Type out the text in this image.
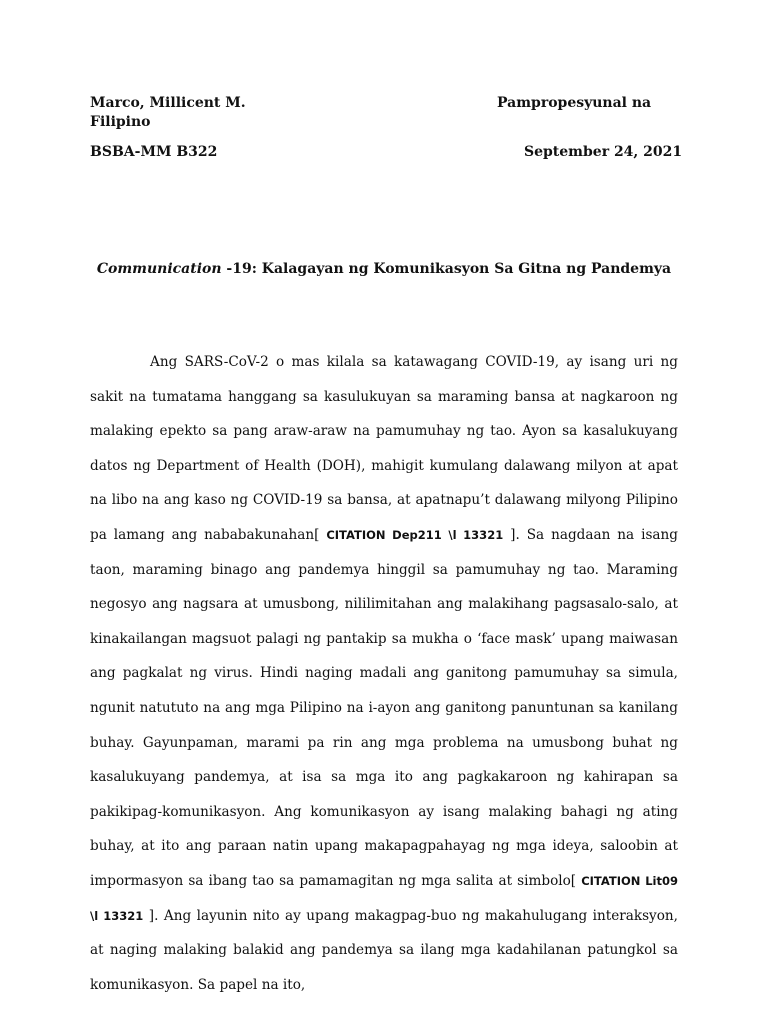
Marco, Millicent M.	Pampropesyunal na
Filipino
BSBA-MM B322	September 24, 2021
Communication -19: Kalagayan ng Komunikasyon Sa Gitna ng Pandemya

Ang SARS-CoV-2 o mas kilala sa katawagang COVID-19, ay isang uri ng sakit na tumatama hanggang sa kasulukuyan sa maraming bansa at nagkaroon ng malaking epekto sa pang araw-araw na pamumuhay ng tao. Ayon sa kasalukuyang datos ng Department of Health (DOH), mahigit kumulang dalawang milyon at apat na libo na ang kaso ng COVID-19 sa bansa, at apatnapu’t dalawang milyong Pilipino pa lamang ang nababakunahan[ CITATION Dep211 \l 13321 ]. Sa nagdaan na isang taon, maraming binago ang pandemya hinggil sa pamumuhay ng tao. Maraming negosyo ang nagsara at umusbong, nililimitahan ang malakihang pagsasalo-salo, at kinakailangan magsuot palagi ng pantakip sa mukha o ‘face mask’ upang maiwasan ang pagkalat ng virus. Hindi naging madali ang ganitong pamumuhay sa simula, ngunit natututo na ang mga Pilipino na i-ayon ang ganitong panuntunan sa kanilang buhay. Gayunpaman, marami pa rin ang mga problema na umusbong buhat ng kasalukuyang pandemya, at isa sa mga ito ang pagkakaroon ng kahirapan sa pakikipag-komunikasyon. Ang komunikasyon ay isang malaking bahagi ng ating buhay, at ito ang paraan natin upang makapagpahayag ng mga ideya, saloobin at impormasyon sa ibang tao sa pamamagitan ng mga salita at simbolo[ CITATION Lit09 \l 13321 ]. Ang layunin nito ay upang makagpag-buo ng makahulugang interaksyon, at naging malaking balakid ang pandemya sa ilang mga kadahilanan patungkol sa komunikasyon. Sa papel na ito,
